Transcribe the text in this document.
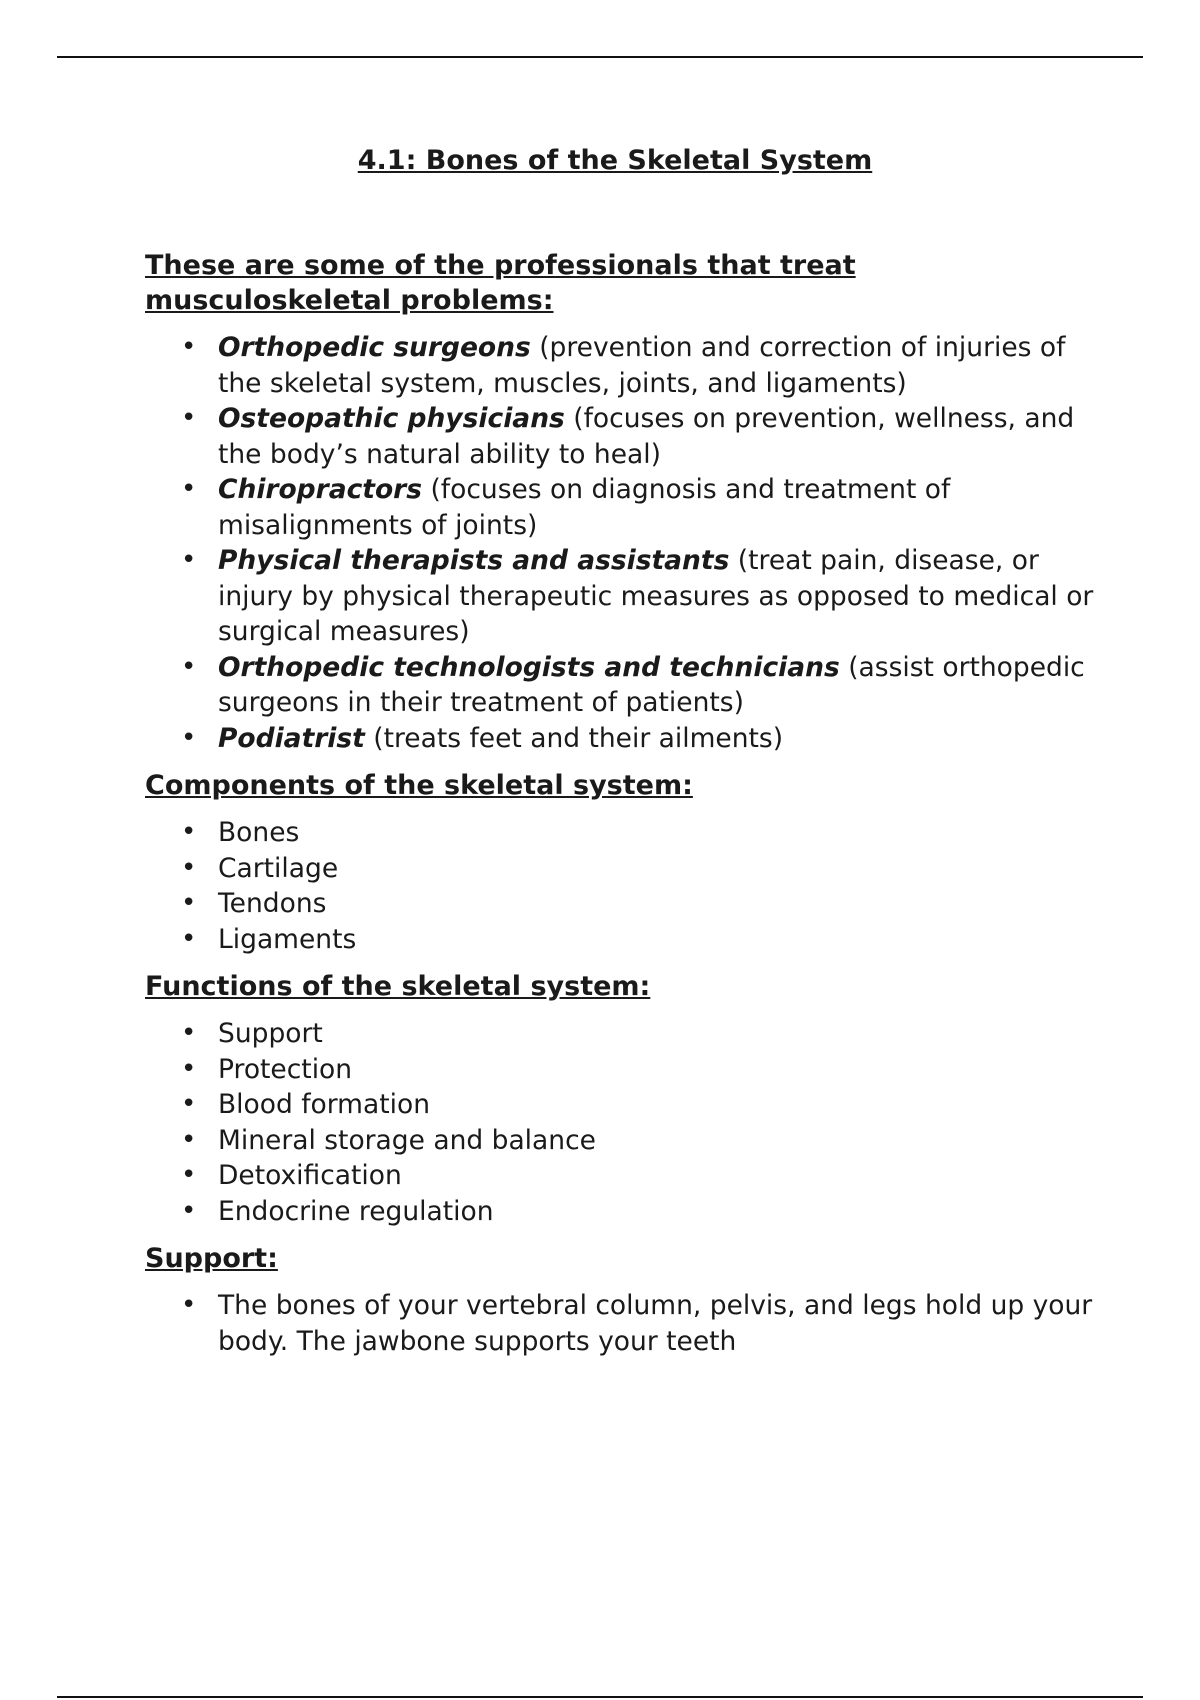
4.1: Bones of the Skeletal System
These are some of the professionals that treat musculoskeletal problems:
• Orthopedic surgeons (prevention and correction of injuries of the skeletal system, muscles, joints, and ligaments)
• Osteopathic physicians (focuses on prevention, wellness, and the body’s natural ability to heal)
• Chiropractors (focuses on diagnosis and treatment of misalignments of joints)
• Physical therapists and assistants (treat pain, disease, or injury by physical therapeutic measures as opposed to medical or surgical measures)
• Orthopedic technologists and technicians (assist orthopedic surgeons in their treatment of patients)
• Podiatrist (treats feet and their ailments)
Components of the skeletal system:
• Bones
• Cartilage
• Tendons
• Ligaments
Functions of the skeletal system:
• Support
• Protection
• Blood formation
• Mineral storage and balance
• Detoxification
• Endocrine regulation
Support:
• The bones of your vertebral column, pelvis, and legs hold up your body. The jawbone supports your teeth
